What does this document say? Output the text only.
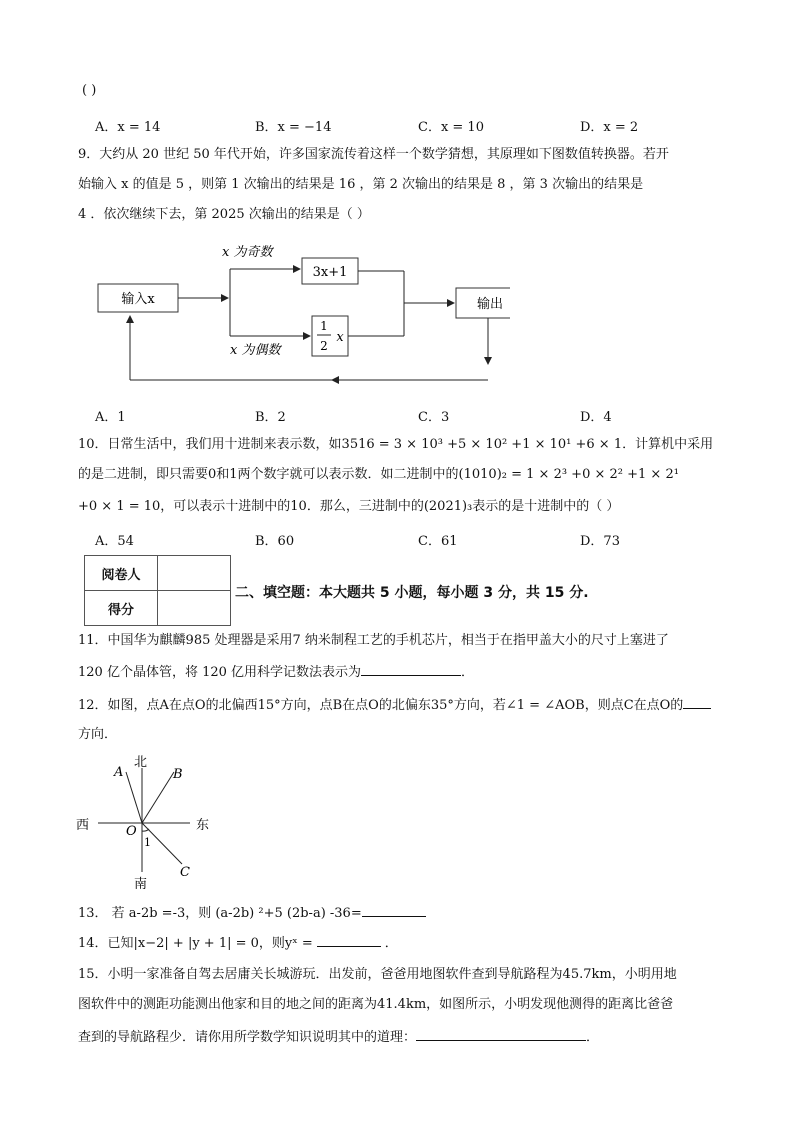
( )
A．x = 14	B．x = −14	C．x = 10	D．x = 2
9．大约从 20 世纪 50 年代开始，许多国家流传着这样一个数学猜想，其原理如下图数值转换器。若开
始输入 x 的值是 5 ，则第 1 次输出的结果是 16 ，第 2 次输出的结果是 8 ，第 3 次输出的结果是
4 ．依次继续下去，第 2025 次输出的结果是（ ）
输入x
x 为奇数
3x+1
x 为偶数
1
2
x
输出
A．1	B．2	C．3	D．4
10．日常生活中，我们用十进制来表示数，如3516 = 3 × 10³ +5 × 10² +1 × 10¹ +6 × 1．计算机中采用
的是二进制，即只需要0和1两个数字就可以表示数．如二进制中的(1010)₂ = 1 × 2³ +0 × 2² +1 × 2¹
+0 × 1 = 10，可以表示十进制中的10．那么，三进制中的(2021)₃表示的是十进制中的（ ）
A．54	B．60	C．61	D．73
阅卷人	
得分	
二、填空题：本大题共 5 小题，每小题 3 分，共 15 分.
11．中国华为麒麟985 处理器是采用7 纳米制程工艺的手机芯片，相当于在指甲盖大小的尺寸上塞进了
120 亿个晶体管，将 120 亿用科学记数法表示为	．
12．如图，点A在点O的北偏西15°方向，点B在点O的北偏东35°方向，若∠1 = ∠AOB，则点C在点O的
方向．
北
南
西	东
A	B
C
O
1
13． 若 a-2b =-3，则 (a-2b) ²+5 (2b-a) -36=
14．已知|x−2| + |y + 1| = 0，则yˣ =	．
15．小明一家准备自驾去居庸关长城游玩．出发前，爸爸用地图软件查到导航路程为45.7km，小明用地
图软件中的测距功能测出他家和目的地之间的距离为41.4km，如图所示，小明发现他测得的距离比爸爸
查到的导航路程少．请你用所学数学知识说明其中的道理：	．
